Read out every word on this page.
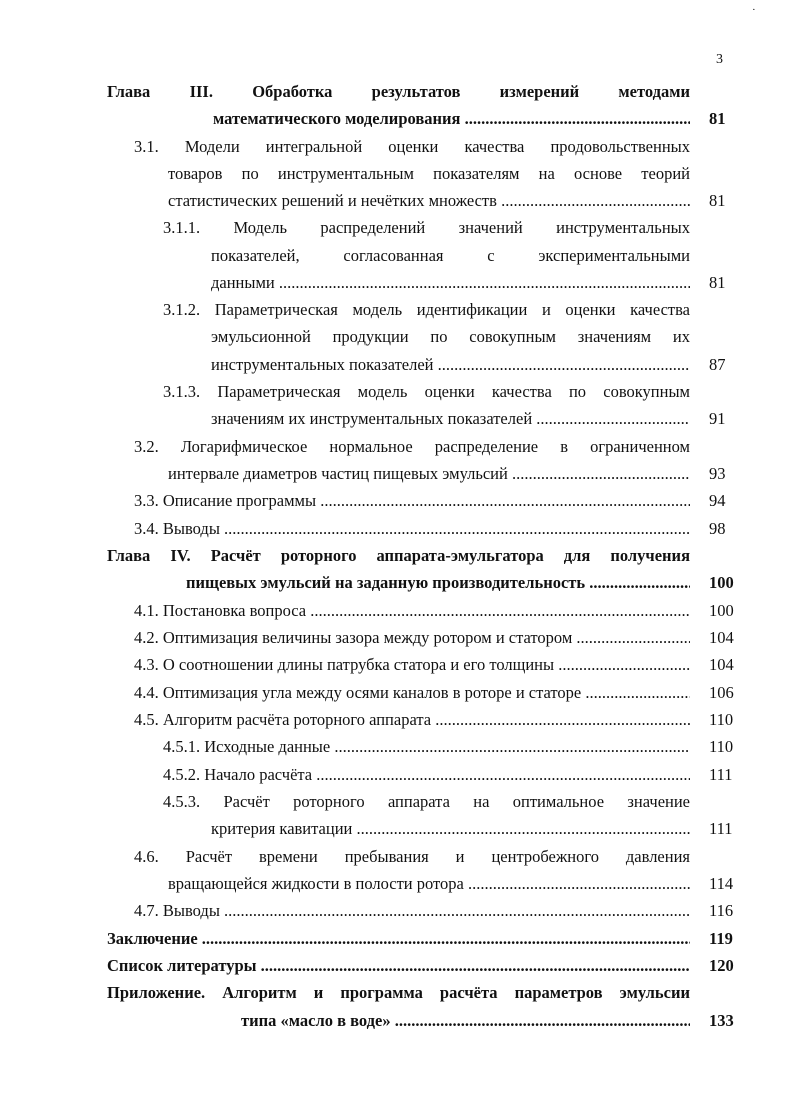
·
3
Глава III. Обработка результатов измерений методами
математического моделирования .....	81
3.1. Модели интегральной оценки качества продовольственных
товаров по инструментальным показателям на основе теорий
статистических решений и нечётких множеств .....	81
3.1.1. Модель распределений значений инструментальных
показателей, согласованная с экспериментальными
данными .....	81
3.1.2. Параметрическая модель идентификации и оценки качества
эмульсионной продукции по совокупным значениям их
инструментальных показателей .....	87
3.1.3. Параметрическая модель оценки качества по совокупным
значениям их инструментальных показателей .....	91
3.2. Логарифмическое нормальное распределение в ограниченном
интервале диаметров частиц пищевых эмульсий .....	93
3.3. Описание программы .....	94
3.4. Выводы .....	98
Глава IV. Расчёт роторного аппарата-эмульгатора для получения
пищевых эмульсий на заданную производительность .....	100
4.1. Постановка вопроса .....	100
4.2. Оптимизация величины зазора между ротором и статором .....	104
4.3. О соотношении длины патрубка статора и его толщины .....	104
4.4. Оптимизация угла между осями каналов в роторе и статоре .....	106
4.5. Алгоритм расчёта роторного аппарата .....	110
4.5.1. Исходные данные .....	110
4.5.2. Начало расчёта .....	111
4.5.3. Расчёт роторного аппарата на оптимальное значение
критерия кавитации .....	111
4.6. Расчёт времени пребывания и центробежного давления
вращающейся жидкости в полости ротора .....	114
4.7. Выводы .....	116
Заключение .....	119
Список литературы .....	120
Приложение. Алгоритм и программа расчёта параметров эмульсии
типа «масло в воде» .....	133
